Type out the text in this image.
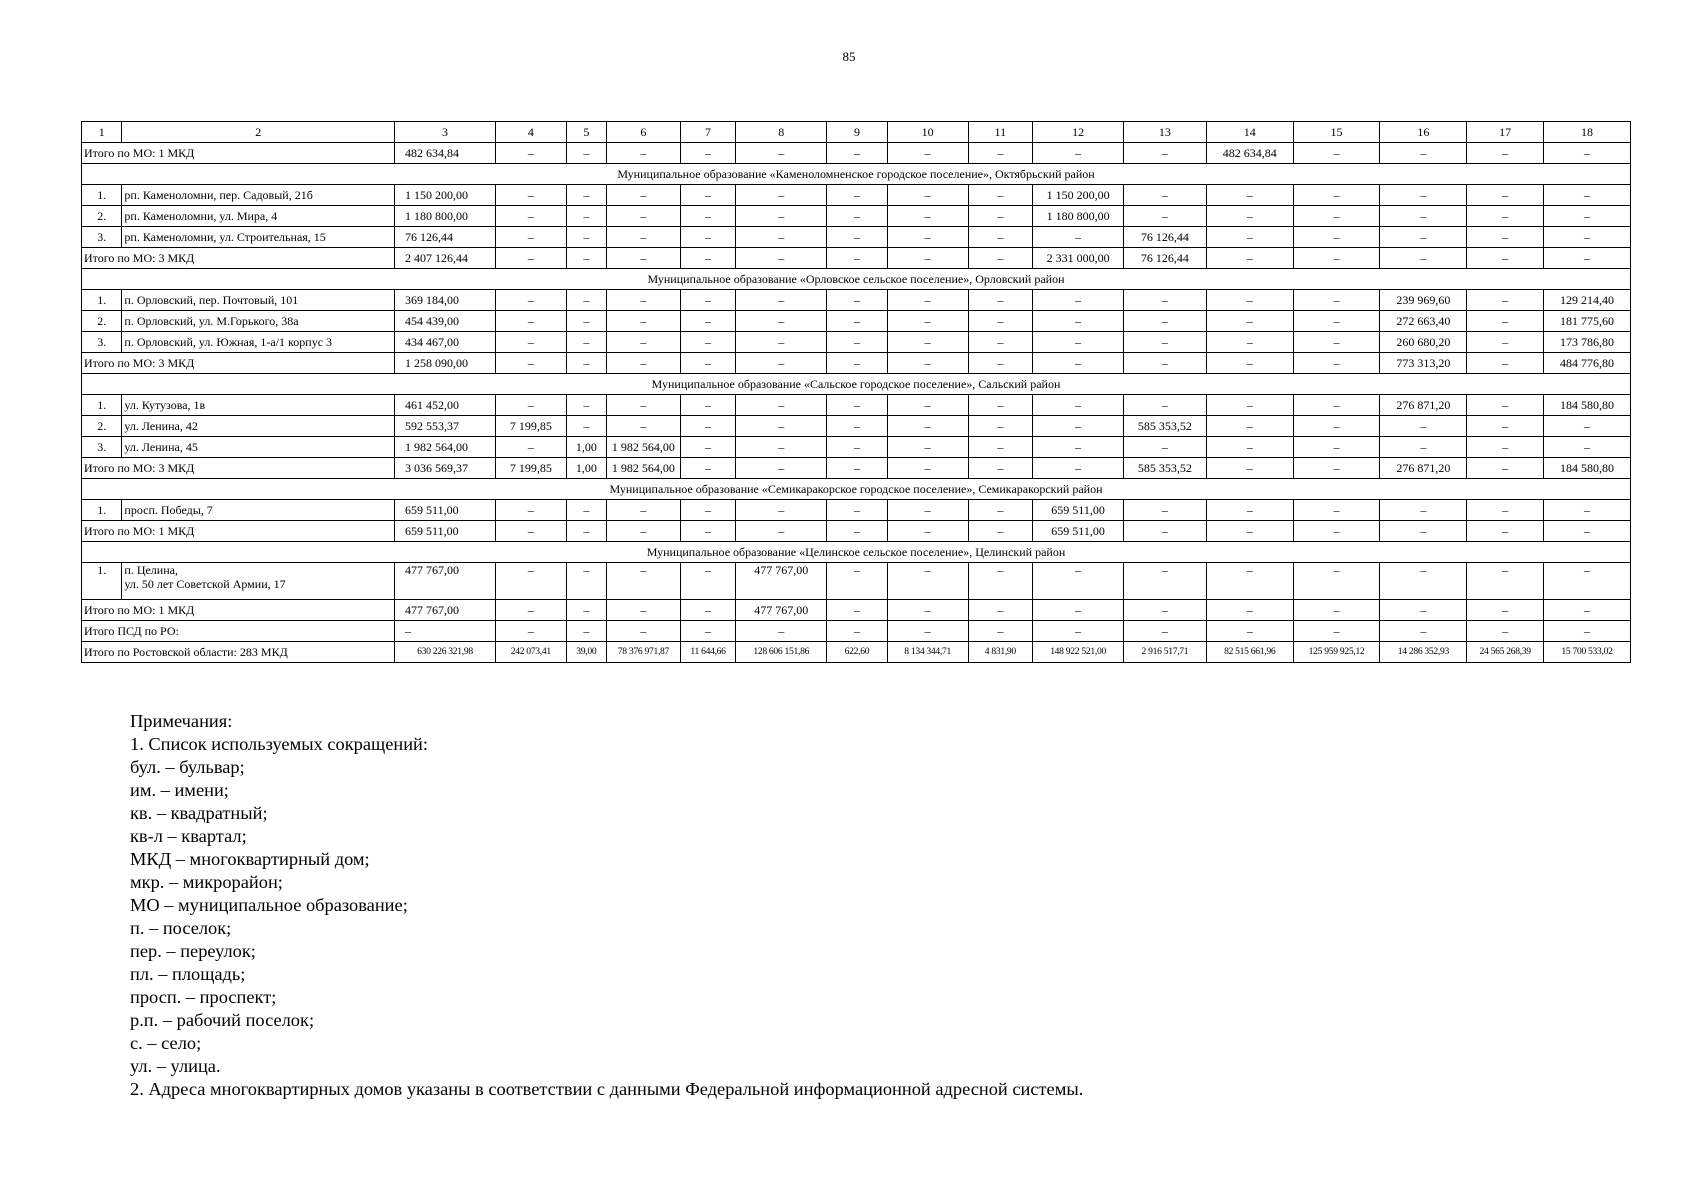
85
1	2	3	4	5	6	7	8	9	10	11	12	13	14	15	16	17	18
Итого по МО: 1 МКД		482 634,84	–	–	–	–	–	–	–	–	–	–	482 634,84	–	–	–	–
Муниципальное образование «Каменоломненское городское поселение», Октябрьский район																	
1.	рп. Каменоломни, пер. Садовый, 21б	1 150 200,00	–	–	–	–	–	–	–	–	1 150 200,00	–	–	–	–	–	–
2.	рп. Каменоломни, ул. Мира, 4	1 180 800,00	–	–	–	–	–	–	–	–	1 180 800,00	–	–	–	–	–	–
3.	рп. Каменоломни, ул. Строительная, 15	76 126,44	–	–	–	–	–	–	–	–	–	76 126,44	–	–	–	–	–
Итого по МО: 3 МКД		2 407 126,44	–	–	–	–	–	–	–	–	2 331 000,00	76 126,44	–	–	–	–	–
Муниципальное образование «Орловское сельское поселение», Орловский район																	
1.	п. Орловский, пер. Почтовый, 101	369 184,00	–	–	–	–	–	–	–	–	–	–	–	–	239 969,60	–	129 214,40
2.	п. Орловский, ул. М.Горького, 38а	454 439,00	–	–	–	–	–	–	–	–	–	–	–	–	272 663,40	–	181 775,60
3.	п. Орловский, ул. Южная, 1-а/1 корпус 3	434 467,00	–	–	–	–	–	–	–	–	–	–	–	–	260 680,20	–	173 786,80
Итого по МО: 3 МКД		1 258 090,00	–	–	–	–	–	–	–	–	–	–	–	–	773 313,20	–	484 776,80
Муниципальное образование «Сальское городское поселение», Сальский район																	
1.	ул. Кутузова, 1в	461 452,00	–	–	–	–	–	–	–	–	–	–	–	–	276 871,20	–	184 580,80
2.	ул. Ленина, 42	592 553,37	7 199,85	–	–	–	–	–	–	–	–	585 353,52	–	–	–	–	–
3.	ул. Ленина, 45	1 982 564,00	–	1,00	1 982 564,00	–	–	–	–	–	–	–	–	–	–	–	–
Итого по МО: 3 МКД		3 036 569,37	7 199,85	1,00	1 982 564,00	–	–	–	–	–	–	585 353,52	–	–	276 871,20	–	184 580,80
Муниципальное образование «Семикаракорское городское поселение», Семикаракорский район																	
1.	просп. Победы, 7	659 511,00	–	–	–	–	–	–	–	–	659 511,00	–	–	–	–	–	–
Итого по МО: 1 МКД		659 511,00	–	–	–	–	–	–	–	–	659 511,00	–	–	–	–	–	–
Муниципальное образование «Целинское сельское поселение», Целинский район																	
1.	п. Целина,
ул. 50 лет Советской Армии, 17	477 767,00	–	–	–	–	477 767,00	–	–	–	–	–	–	–	–	–	–
Итого по МО: 1 МКД		477 767,00	–	–	–	–	477 767,00	–	–	–	–	–	–	–	–	–	–
Итого ПСД по РО:		–	–	–	–	–	–	–	–	–	–	–	–	–	–	–	–
Итого по Ростовской области: 283 МКД		630 226 321,98	242 073,41	39,00	78 376 971,87	11 644,66	128 606 151,86	622,60	8 134 344,71	4 831,90	148 922 521,00	2 916 517,71	82 515 661,96	125 959 925,12	14 286 352,93	24 565 268,39	15 700 533,02
Примечания:
1. Список используемых сокращений:
бул. – бульвар;
им. – имени;
кв. – квадратный;
кв-л – квартал;
МКД – многоквартирный дом;
мкр. – микрорайон;
МО – муниципальное образование;
п. – поселок;
пер. – переулок;
пл. – площадь;
просп. – проспект;
р.п. – рабочий поселок;
с. – село;
ул. – улица.
2. Адреса многоквартирных домов указаны в соответствии с данными Федеральной информационной адресной системы.
